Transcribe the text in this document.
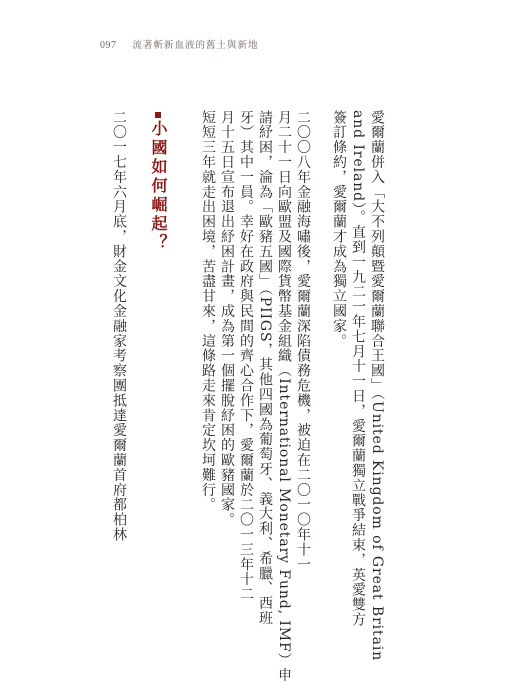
097 流著斬新血液的舊土與新地
愛爾蘭併入「大不列顛暨愛爾蘭聯合王國」（United Kingdom of Great Britain
and Ireland）。直到一九二一年七月十一日，愛爾蘭獨立戰爭結束，英愛雙方
簽訂條約，愛爾蘭才成為獨立國家。
二〇〇八年金融海嘯後，愛爾蘭深陷債務危機，被迫在二〇一〇年十一
月二十一日向歐盟及國際貨幣基金組織（International Monetary Fund, IMF）申
請紓困，淪為「歐豬五國」（PIIGS，其他四國為葡萄牙、義大利、希臘、西班
牙）其中一員。幸好在政府與民間的齊心合作下，愛爾蘭於二〇一三年十二
月十五日宣布退出紓困計畫，成為第一個擺脫紓困的歐豬國家。
短短三年就走出困境，苦盡甘來，這條路走來肯定坎坷難行。
小國如何崛起？
二〇一七年六月底，財金文化金融家考察團抵達愛爾蘭首府都柏林
